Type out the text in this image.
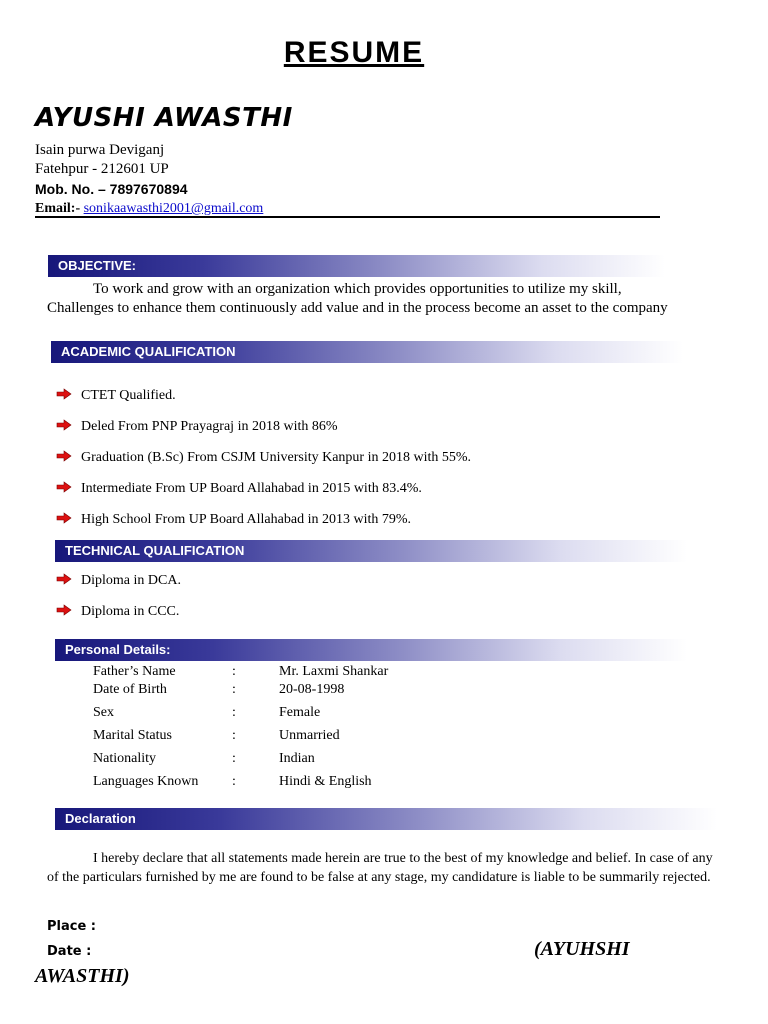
RESUME
AYUSHI AWASTHI
Isain purwa Deviganj
Fatehpur - 212601 UP
Mob. No. – 7897670894
Email:- sonikaawasthi2001@gmail.com
OBJECTIVE:
To work and grow with an organization which provides opportunities to utilize my skill,
Challenges to enhance them continuously add value and in the process become an asset to the company
ACADEMIC QUALIFICATION
CTET Qualified.
Deled From PNP Prayagraj in 2018 with 86%
Graduation (B.Sc) From CSJM University Kanpur in 2018 with 55%.
Intermediate From UP Board Allahabad in 2015 with 83.4%.
High School From UP Board Allahabad in 2013 with 79%.
TECHNICAL QUALIFICATION
Diploma in DCA.
Diploma in CCC.
Personal Details:
Father’s Name	:	Mr. Laxmi Shankar
Date of Birth	:	20-08-1998
Sex	:	Female
Marital Status	:	Unmarried
Nationality	:	Indian
Languages Known :	Hindi & English
Declaration
I hereby declare that all statements made herein are true to the best of my knowledge and belief. In case of any
of the particulars furnished by me are found to be false at any stage, my candidature is liable to be summarily rejected.
Place :
Date :	(AYUHSHI
AWASTHI)
